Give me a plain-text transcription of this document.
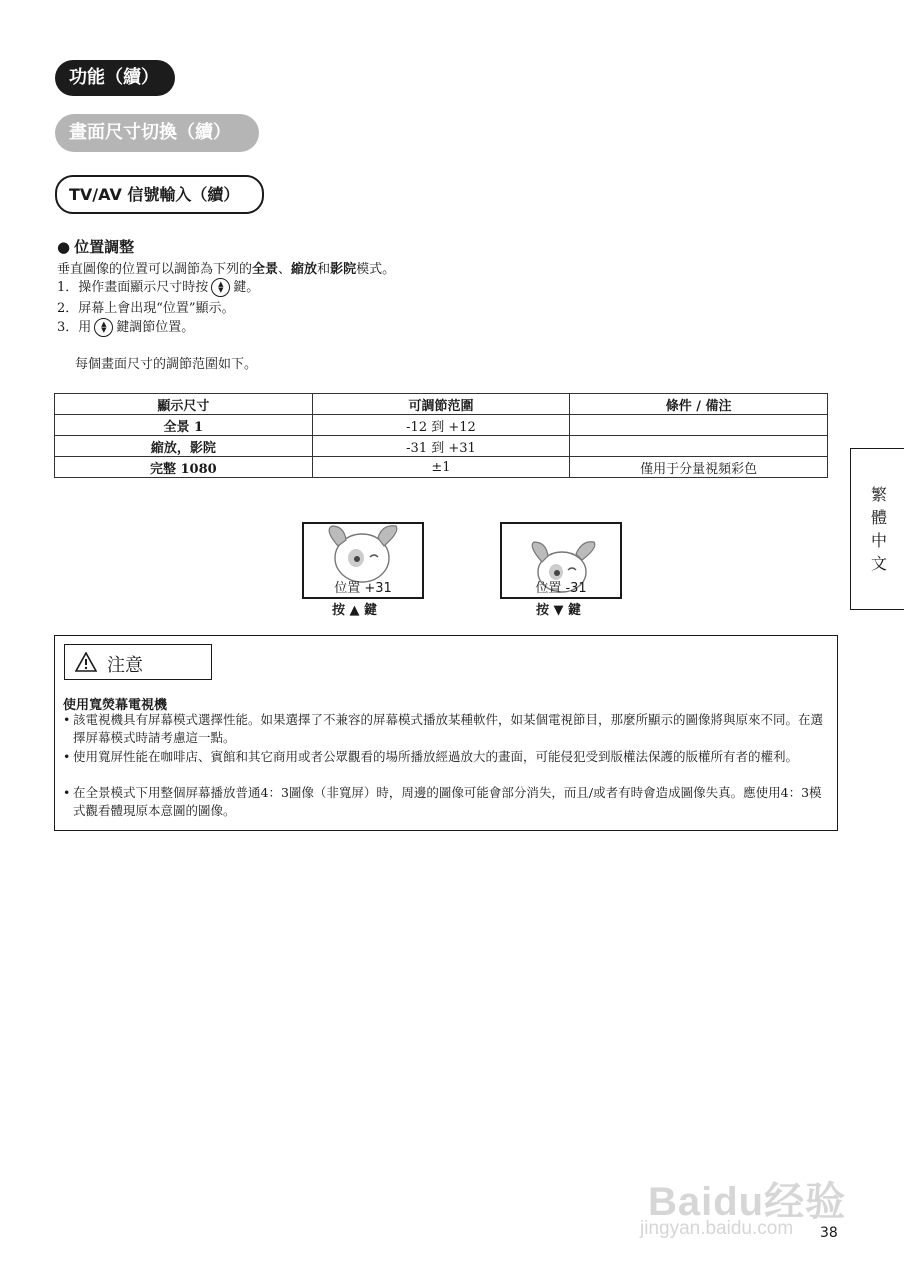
功能（續）
畫面尺寸切換（續）
TV/AV 信號輸入（續）
● 位置調整
垂直圖像的位置可以調節為下列的全景、縮放和影院模式。
1．操作畫面顯示尺寸時按 ▲
▼ 鍵。
2．屏幕上會出現“位置”顯示。
3．用 ▲
▼ 鍵調節位置。
每個畫面尺寸的調節范圍如下。
顯示尺寸	可調節范圍	條件 / 備注
全景 1	-12 到 +12	
縮放，影院	-31 到 +31	
完整 1080	±1	僅用于分量視頻彩色
繁體中文
位置 +31
按 ▲ 鍵
位置 -31
按 ▼ 鍵
注意
使用寬熒幕電視機
• 該電視機具有屏幕模式選擇性能。如果選擇了不兼容的屏幕模式播放某種軟件，如某個電視節目，那麼所顯示的圖像將與原來不同。在選擇屏幕模式時請考慮這一點。
• 使用寬屏性能在咖啡店、賓館和其它商用或者公眾觀看的場所播放經過放大的畫面，可能侵犯受到版權法保護的版權所有者的權利。
• 在全景模式下用整個屏幕播放普通4：3圖像（非寬屏）時，周邊的圖像可能會部分消失，而且/或者有時會造成圖像失真。應使用4：3模式觀看體現原本意圖的圖像。
Baidu经验
jingyan.baidu.com 38
